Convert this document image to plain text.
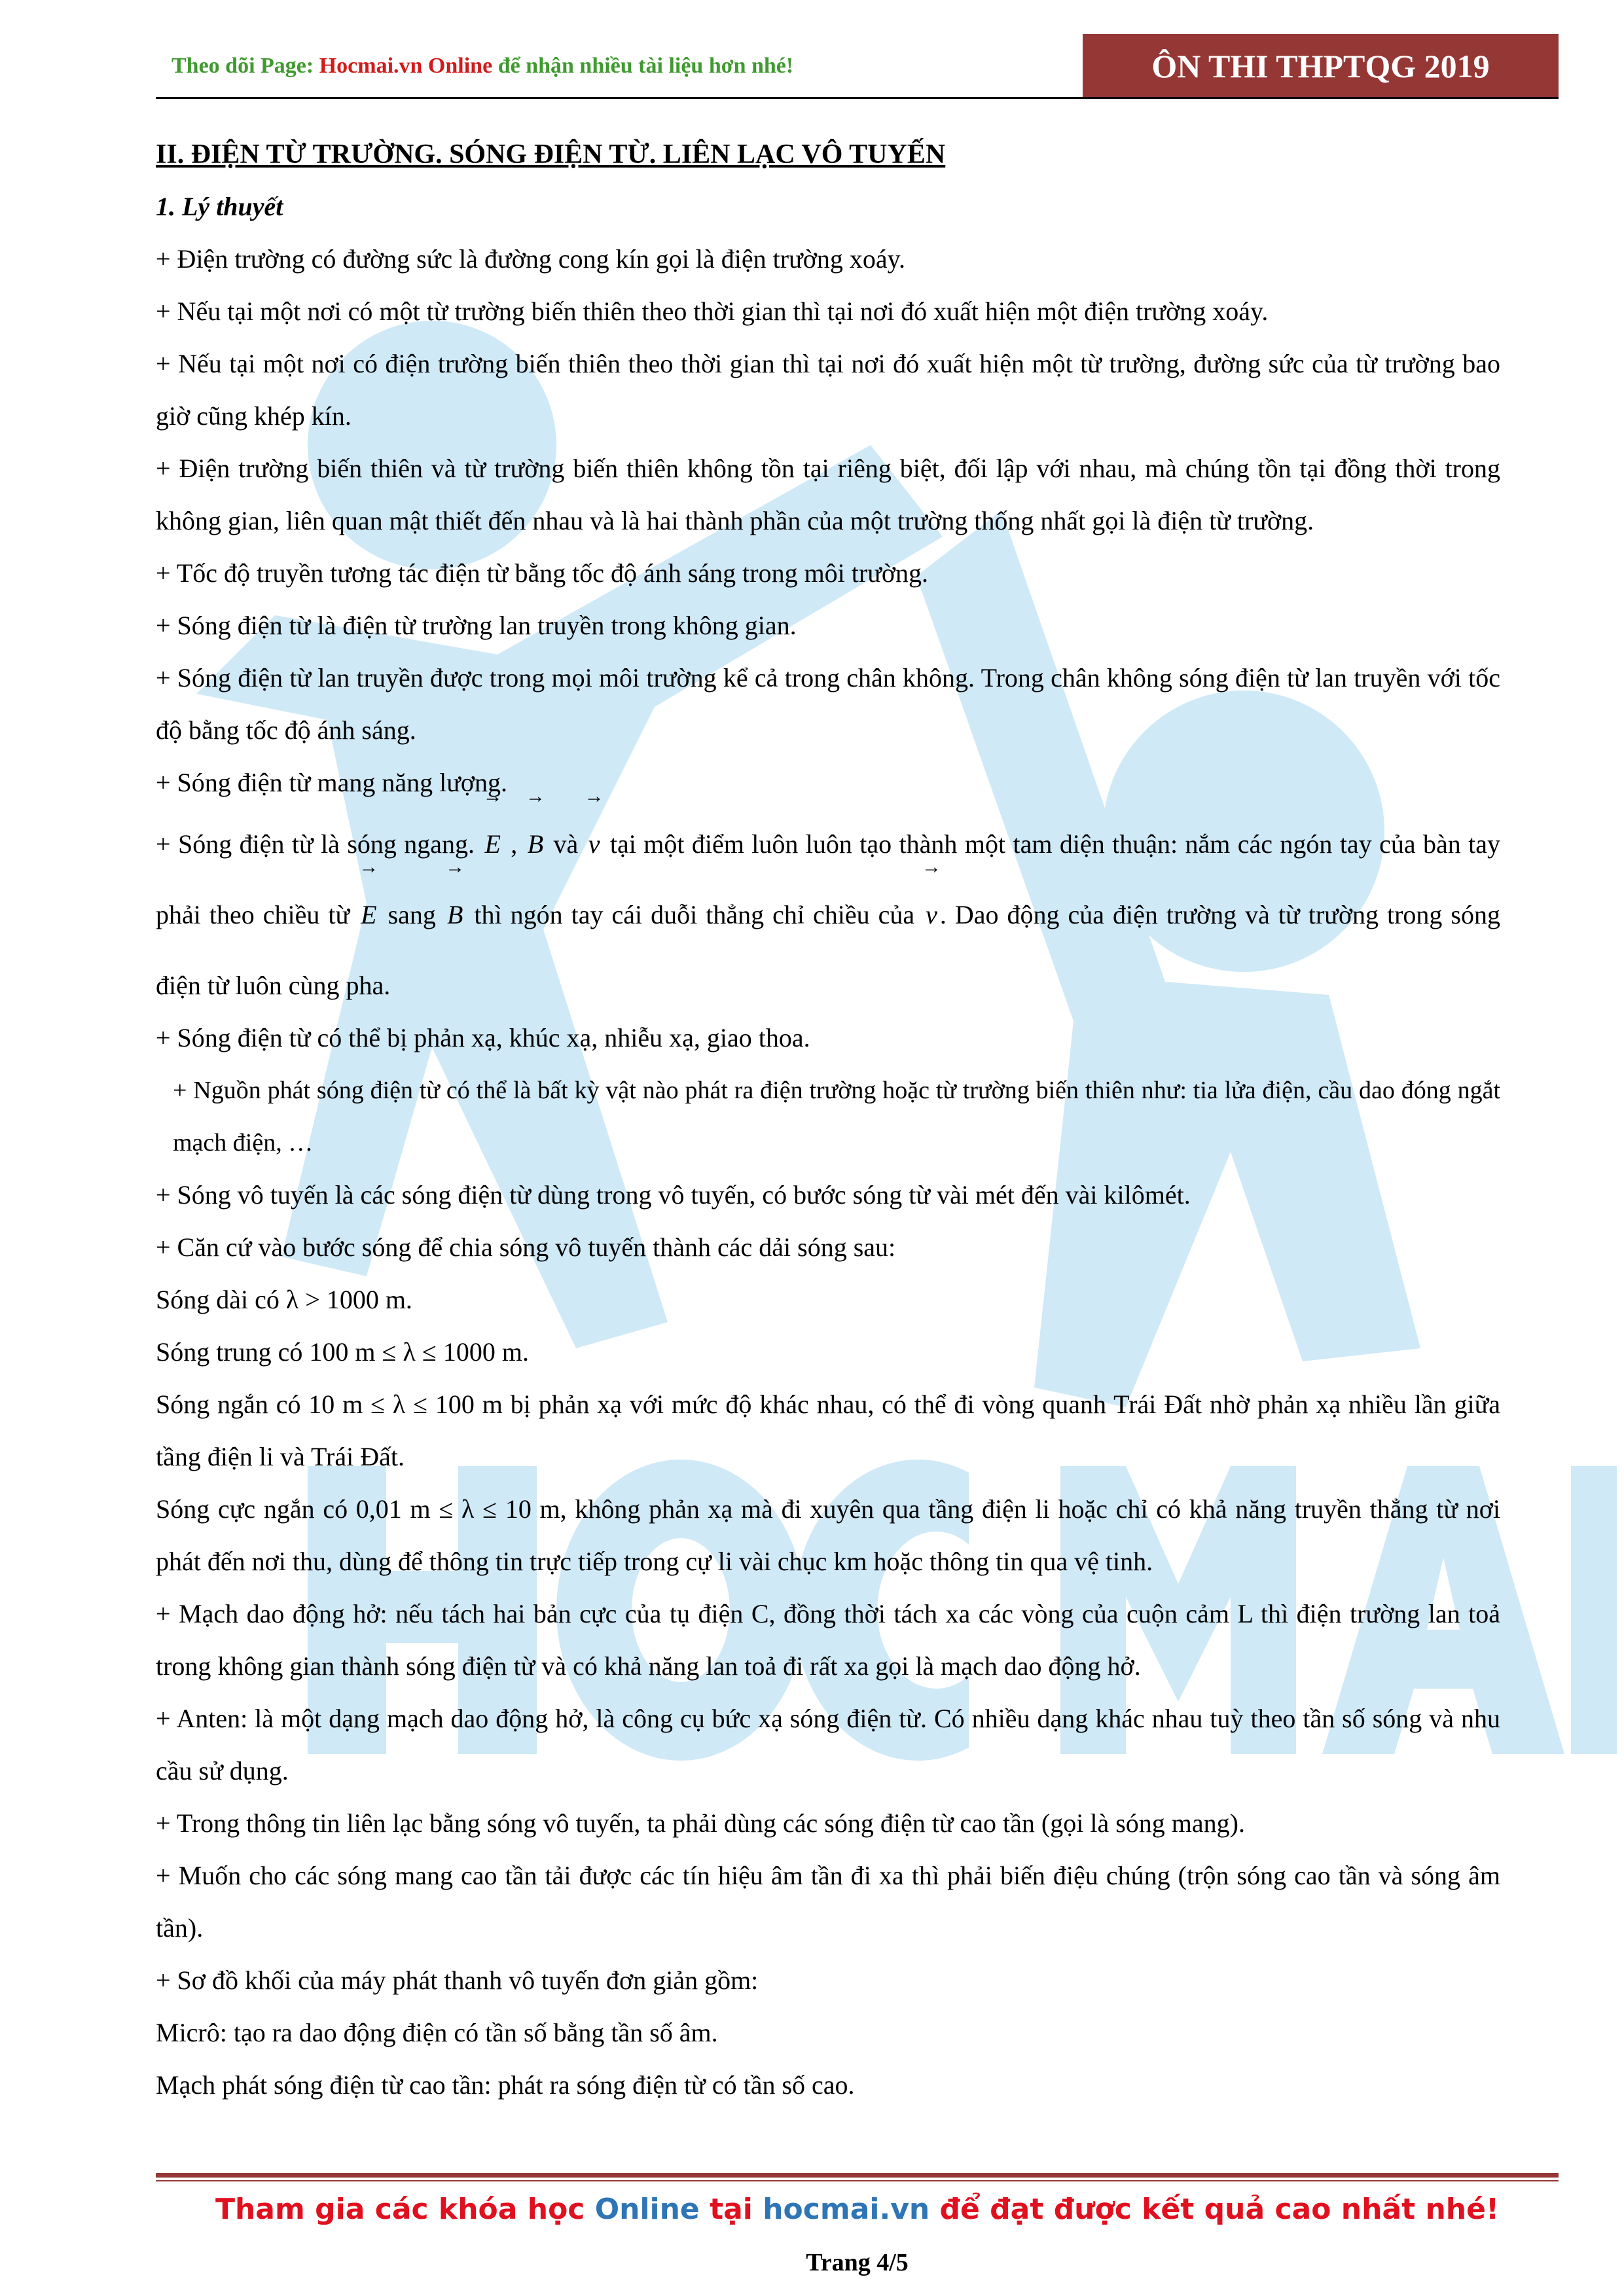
Theo dõi Page: Hocmai.vn Online để nhận nhiều tài liệu hơn nhé!	ÔN THI THPTQG 2019

II. ĐIỆN TỪ TRƯỜNG. SÓNG ĐIỆN TỪ. LIÊN LẠC VÔ TUYẾN

1. Lý thuyết

+ Điện trường có đường sức là đường cong kín gọi là điện trường xoáy.

+ Nếu tại một nơi có một từ trường biến thiên theo thời gian thì tại nơi đó xuất hiện một điện trường xoáy.

+ Nếu tại một nơi có điện trường biến thiên theo thời gian thì tại nơi đó xuất hiện một từ trường, đường sức của từ trường bao giờ cũng khép kín.

+ Điện trường biến thiên và từ trường biến thiên không tồn tại riêng biệt, đối lập với nhau, mà chúng tồn tại đồng thời trong không gian, liên quan mật thiết đến nhau và là hai thành phần của một trường thống nhất gọi là điện từ trường.

+ Tốc độ truyền tương tác điện từ bằng tốc độ ánh sáng trong môi trường.

+ Sóng điện từ là điện từ trường lan truyền trong không gian.

+ Sóng điện từ lan truyền được trong mọi môi trường kể cả trong chân không. Trong chân không sóng điện từ lan truyền với tốc độ bằng tốc độ ánh sáng.

+ Sóng điện từ mang năng lượng.

+ Sóng điện từ là sóng ngang. → E , → B và → v tại một điểm luôn luôn tạo thành một tam diện thuận: nắm các ngón tay của bàn tay phải theo chiều từ → E sang → B thì ngón tay cái duỗi thẳng chỉ chiều của → v . Dao động của điện trường và từ trường trong sóng điện từ luôn cùng pha.

+ Sóng điện từ có thể bị phản xạ, khúc xạ, nhiễu xạ, giao thoa.

+ Nguồn phát sóng điện từ có thể là bất kỳ vật nào phát ra điện trường hoặc từ trường biến thiên như: tia lửa điện, cầu dao đóng ngắt mạch điện, …

+ Sóng vô tuyến là các sóng điện từ dùng trong vô tuyến, có bước sóng từ vài mét đến vài kilômét.

+ Căn cứ vào bước sóng để chia sóng vô tuyến thành các dải sóng sau:

Sóng dài có λ > 1000 m.

Sóng trung có 100 m ≤ λ ≤ 1000 m.

Sóng ngắn có 10 m ≤ λ ≤ 100 m bị phản xạ với mức độ khác nhau, có thể đi vòng quanh Trái Đất nhờ phản xạ nhiều lần giữa tầng điện li và Trái Đất.

Sóng cực ngắn có 0,01 m ≤ λ ≤ 10 m, không phản xạ mà đi xuyên qua tầng điện li hoặc chỉ có khả năng truyền thẳng từ nơi phát đến nơi thu, dùng để thông tin trực tiếp trong cự li vài chục km hoặc thông tin qua vệ tinh.

+ Mạch dao động hở: nếu tách hai bản cực của tụ điện C, đồng thời tách xa các vòng của cuộn cảm L thì điện trường lan toả trong không gian thành sóng điện từ và có khả năng lan toả đi rất xa gọi là mạch dao động hở.

+ Anten: là một dạng mạch dao động hở, là công cụ bức xạ sóng điện từ. Có nhiều dạng khác nhau tuỳ theo tần số sóng và nhu cầu sử dụng.

+ Trong thông tin liên lạc bằng sóng vô tuyến, ta phải dùng các sóng điện từ cao tần (gọi là sóng mang).

+ Muốn cho các sóng mang cao tần tải được các tín hiệu âm tần đi xa thì phải biến điệu chúng (trộn sóng cao tần và sóng âm tần).

+ Sơ đồ khối của máy phát thanh vô tuyến đơn giản gồm:

Micrô: tạo ra dao động điện có tần số bằng tần số âm.

Mạch phát sóng điện từ cao tần: phát ra sóng điện từ có tần số cao.

Tham gia các khóa học Online tại hocmai.vn để đạt được kết quả cao nhất nhé!
Trang 4/5
